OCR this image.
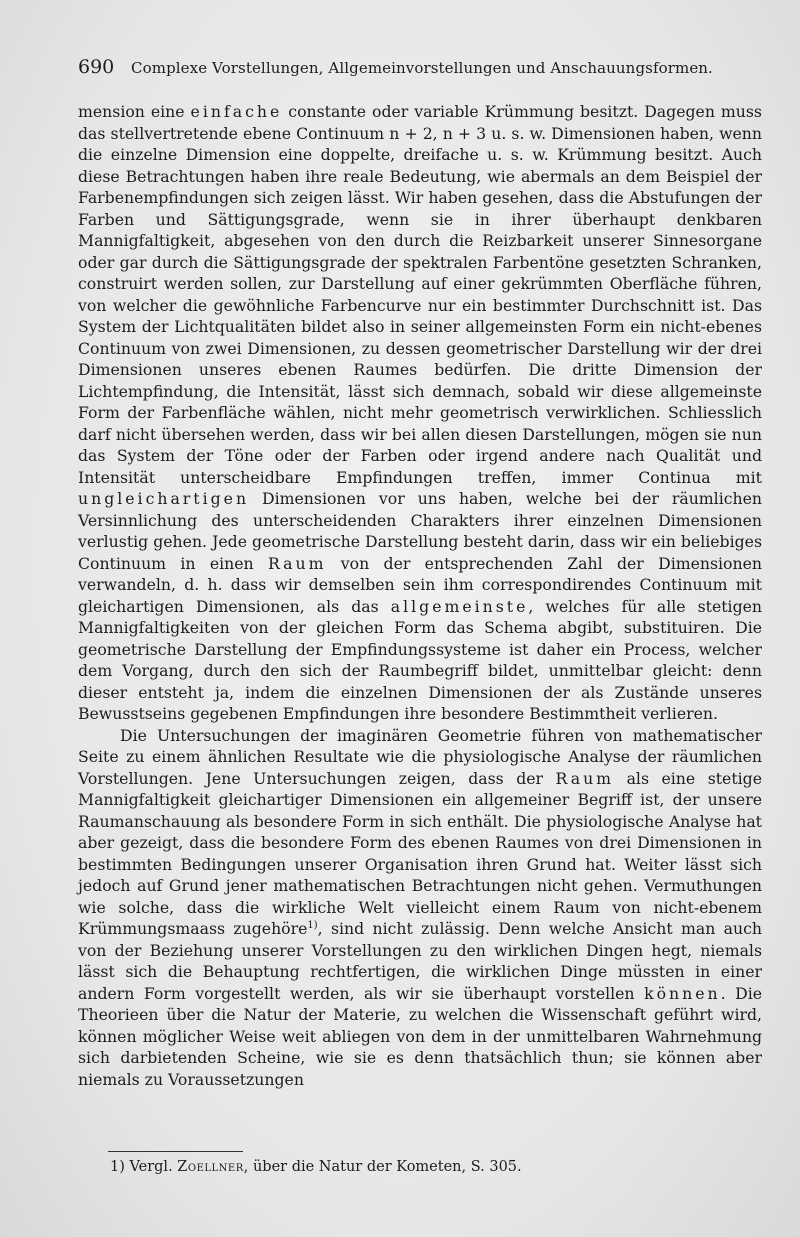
690 Complexe Vorstellungen, Allgemeinvorstellungen und Anschauungsformen.

mension eine einfache constante oder variable Krümmung besitzt. Dagegen muss das stellvertretende ebene Continuum n + 2, n + 3 u. s. w. Dimensionen haben, wenn die einzelne Dimension eine doppelte, dreifache u. s. w. Krümmung besitzt. Auch diese Betrachtungen haben ihre reale Bedeutung, wie abermals an dem Beispiel der Farbenempfindungen sich zeigen lässt. Wir haben gesehen, dass die Abstufungen der Farben und Sättigungsgrade, wenn sie in ihrer überhaupt denkbaren Mannigfaltigkeit, abgesehen von den durch die Reizbarkeit unserer Sinnesorgane oder gar durch die Sättigungsgrade der spektralen Farbentöne gesetzten Schranken, construirt werden sollen, zur Darstellung auf einer gekrümmten Oberfläche führen, von welcher die gewöhnliche Farbencurve nur ein bestimmter Durchschnitt ist. Das System der Lichtqualitäten bildet also in seiner allgemeinsten Form ein nicht-ebenes Continuum von zwei Dimensionen, zu dessen geometrischer Darstellung wir der drei Dimensionen unseres ebenen Raumes bedürfen. Die dritte Dimension der Lichtempfindung, die Intensität, lässt sich demnach, sobald wir diese allgemeinste Form der Farbenfläche wählen, nicht mehr geometrisch verwirklichen. Schliesslich darf nicht übersehen werden, dass wir bei allen diesen Darstellungen, mögen sie nun das System der Töne oder der Farben oder irgend andere nach Qualität und Intensität unterscheidbare Empfindungen treffen, immer Continua mit ungleichartigen Dimensionen vor uns haben, welche bei der räumlichen Versinnlichung des unterscheidenden Charakters ihrer einzelnen Dimensionen verlustig gehen. Jede geometrische Darstellung besteht darin, dass wir ein beliebiges Continuum in einen Raum von der entsprechenden Zahl der Dimensionen verwandeln, d. h. dass wir demselben sein ihm correspondirendes Continuum mit gleichartigen Dimensionen, als das allgemeinste, welches für alle stetigen Mannigfaltigkeiten von der gleichen Form das Schema abgibt, substituiren. Die geometrische Darstellung der Empfindungssysteme ist daher ein Process, welcher dem Vorgang, durch den sich der Raumbegriff bildet, unmittelbar gleicht: denn dieser entsteht ja, indem die einzelnen Dimensionen der als Zustände unseres Bewusstseins gegebenen Empfindungen ihre besondere Bestimmtheit verlieren.

Die Untersuchungen der imaginären Geometrie führen von mathematischer Seite zu einem ähnlichen Resultate wie die physiologische Analyse der räumlichen Vorstellungen. Jene Untersuchungen zeigen, dass der Raum als eine stetige Mannigfaltigkeit gleichartiger Dimensionen ein allgemeiner Begriff ist, der unsere Raumanschauung als besondere Form in sich enthält. Die physiologische Analyse hat aber gezeigt, dass die besondere Form des ebenen Raumes von drei Dimensionen in bestimmten Bedingungen unserer Organisation ihren Grund hat. Weiter lässt sich jedoch auf Grund jener mathematischen Betrachtungen nicht gehen. Vermuthungen wie solche, dass die wirkliche Welt vielleicht einem Raum von nicht-ebenem Krümmungsmaass zugehöre$^{1)}$, sind nicht zulässig. Denn welche Ansicht man auch von der Beziehung unserer Vorstellungen zu den wirklichen Dingen hegt, niemals lässt sich die Behauptung rechtfertigen, die wirklichen Dinge müssten in einer andern Form vorgestellt werden, als wir sie überhaupt vorstellen können. Die Theorieen über die Natur der Materie, zu welchen die Wissenschaft geführt wird, können möglicher Weise weit abliegen von dem in der unmittelbaren Wahrnehmung sich darbietenden Scheine, wie sie es denn thatsächlich thun; sie können aber niemals zu Voraussetzungen

1) Vergl. Zoellner, über die Natur der Kometen, S. 305.
